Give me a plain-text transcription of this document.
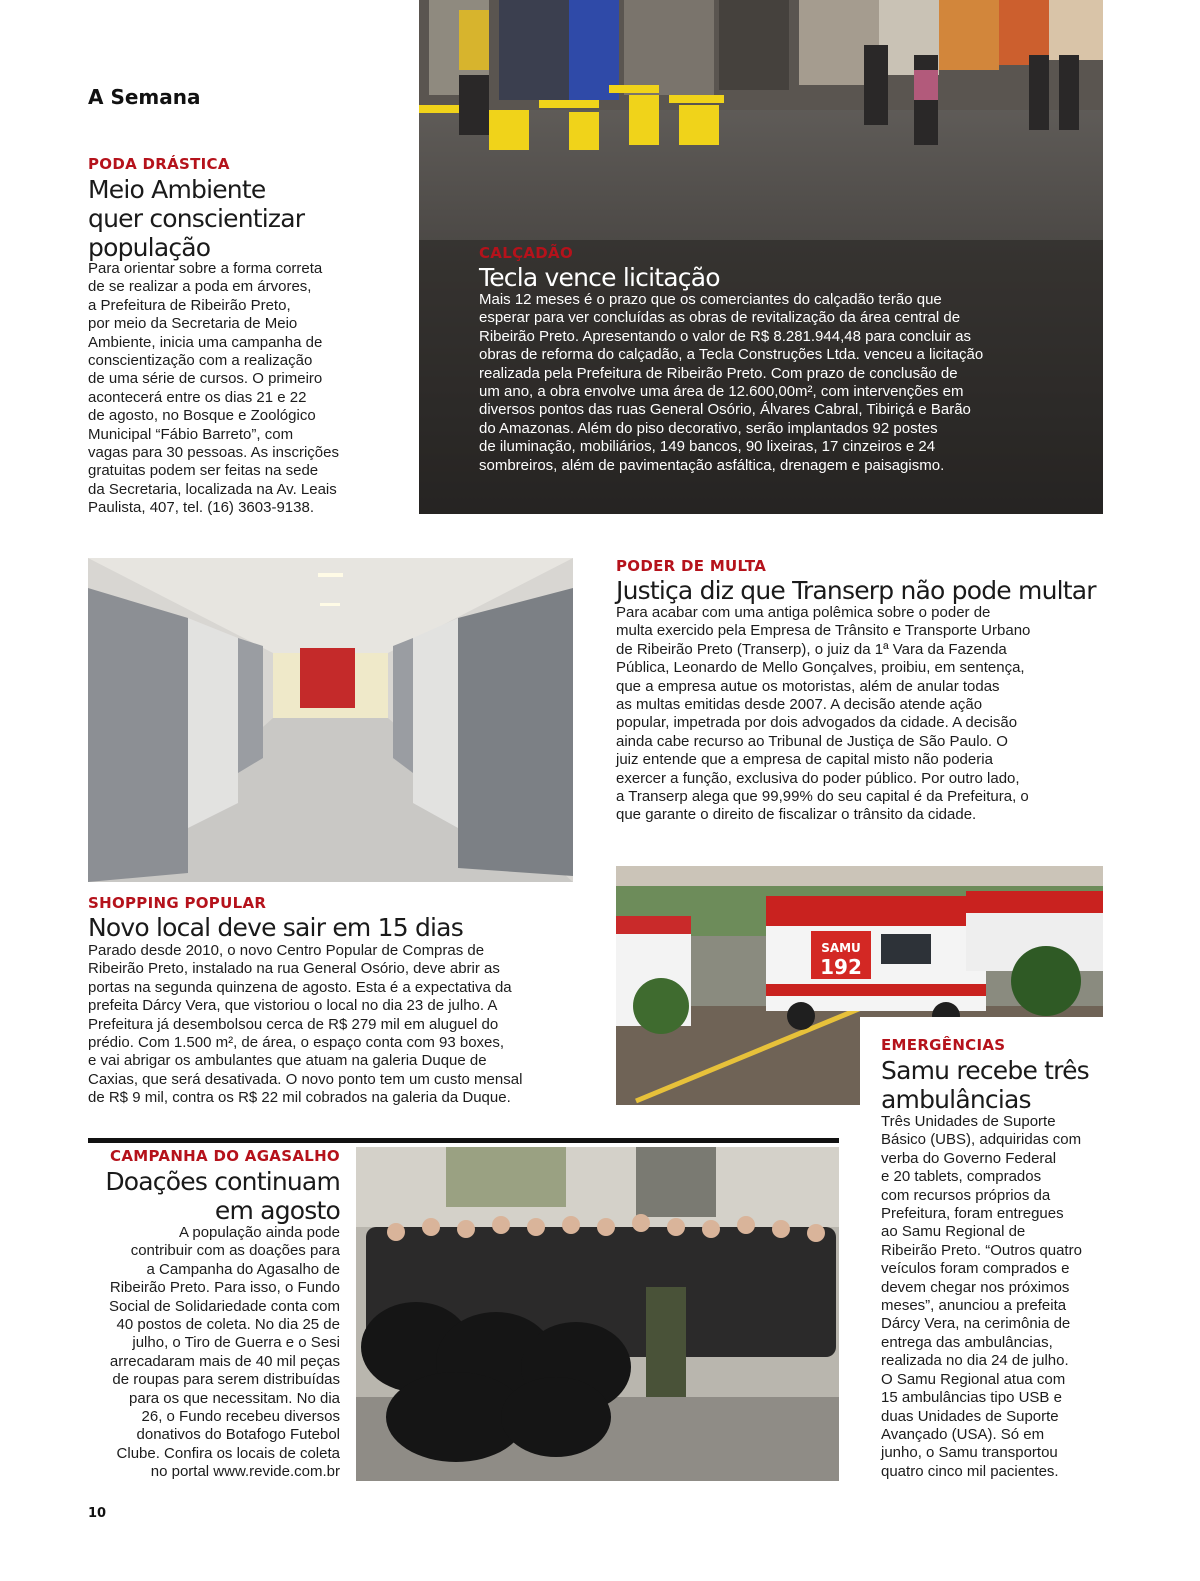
A Semana
CALÇADÃO
Tecla vence licitação

Mais 12 meses é o prazo que os comerciantes do calçadão terão que

esperar para ver concluídas as obras de revitalização da área central de

Ribeirão Preto. Apresentando o valor de R$ 8.281.944,48 para concluir as

obras de reforma do calçadão, a Tecla Construções Ltda. venceu a licitação

realizada pela Prefeitura de Ribeirão Preto. Com prazo de conclusão de

um ano, a obra envolve uma área de 12.600,00m², com intervenções em

diversos pontos das ruas General Osório, Álvares Cabral, Tibiriçá e Barão

do Amazonas. Além do piso decorativo, serão implantados 92 postes

de iluminação, mobiliários, 149 bancos, 90 lixeiras, 17 cinzeiros e 24

sombreiros, além de pavimentação asfáltica, drenagem e paisagismo.

PODA DRÁSTICA
Meio Ambiente
quer conscientizar
população

Para orientar sobre a forma correta

de se realizar a poda em árvores,

a Prefeitura de Ribeirão Preto,

por meio da Secretaria de Meio

Ambiente, inicia uma campanha de

conscientização com a realização

de uma série de cursos. O primeiro

acontecerá entre os dias 21 e 22

de agosto, no Bosque e Zoológico

Municipal “Fábio Barreto”, com

vagas para 30 pessoas. As inscrições

gratuitas podem ser feitas na sede

da Secretaria, localizada na Av. Leais

Paulista, 407, tel. (16) 3603-9138.

PODER DE MULTA
Justiça diz que Transerp não pode multar

Para acabar com uma antiga polêmica sobre o poder de

multa exercido pela Empresa de Trânsito e Transporte Urbano

de Ribeirão Preto (Transerp), o juiz da 1ª Vara da Fazenda

Pública, Leonardo de Mello Gonçalves, proibiu, em sentença,

que a empresa autue os motoristas, além de anular todas

as multas emitidas desde 2007. A decisão atende ação

popular, impetrada por dois advogados da cidade. A decisão

ainda cabe recurso ao Tribunal de Justiça de São Paulo. O

juiz entende que a empresa de capital misto não poderia

exercer a função, exclusiva do poder público. Por outro lado,

a Transerp alega que 99,99% do seu capital é da Prefeitura, o

que garante o direito de fiscalizar o trânsito da cidade.

SAMU
192
SHOPPING POPULAR
Novo local deve sair em 15 dias

Parado desde 2010, o novo Centro Popular de Compras de

Ribeirão Preto, instalado na rua General Osório, deve abrir as

portas na segunda quinzena de agosto. Esta é a expectativa da

prefeita Dárcy Vera, que vistoriou o local no dia 23 de julho. A

Prefeitura já desembolsou cerca de R$ 279 mil em aluguel do

prédio. Com 1.500 m², de área, o espaço conta com 93 boxes,

e vai abrigar os ambulantes que atuam na galeria Duque de

Caxias, que será desativada. O novo ponto tem um custo mensal

de R$ 9 mil, contra os R$ 22 mil cobrados na galeria da Duque.

EMERGÊNCIAS
Samu recebe três
ambulâncias

Três Unidades de Suporte

Básico (UBS), adquiridas com

verba do Governo Federal

e 20 tablets, comprados

com recursos próprios da

Prefeitura, foram entregues

ao Samu Regional de

Ribeirão Preto. “Outros quatro

veículos foram comprados e

devem chegar nos próximos

meses”, anunciou a prefeita

Dárcy Vera, na cerimônia de

entrega das ambulâncias,

realizada no dia 24 de julho.

O Samu Regional atua com

15 ambulâncias tipo USB e

duas Unidades de Suporte

Avançado (USA). Só em

junho, o Samu transportou

quatro cinco mil pacientes.

CAMPANHA DO AGASALHO
Doações continuam
em agosto

A população ainda pode

contribuir com as doações para

a Campanha do Agasalho de

Ribeirão Preto. Para isso, o Fundo

Social de Solidariedade conta com

40 postos de coleta. No dia 25 de

julho, o Tiro de Guerra e o Sesi

arrecadaram mais de 40 mil peças

de roupas para serem distribuídas

para os que necessitam. No dia

26, o Fundo recebeu diversos

donativos do Botafogo Futebol

Clube. Confira os locais de coleta

no portal www.revide.com.br

10
